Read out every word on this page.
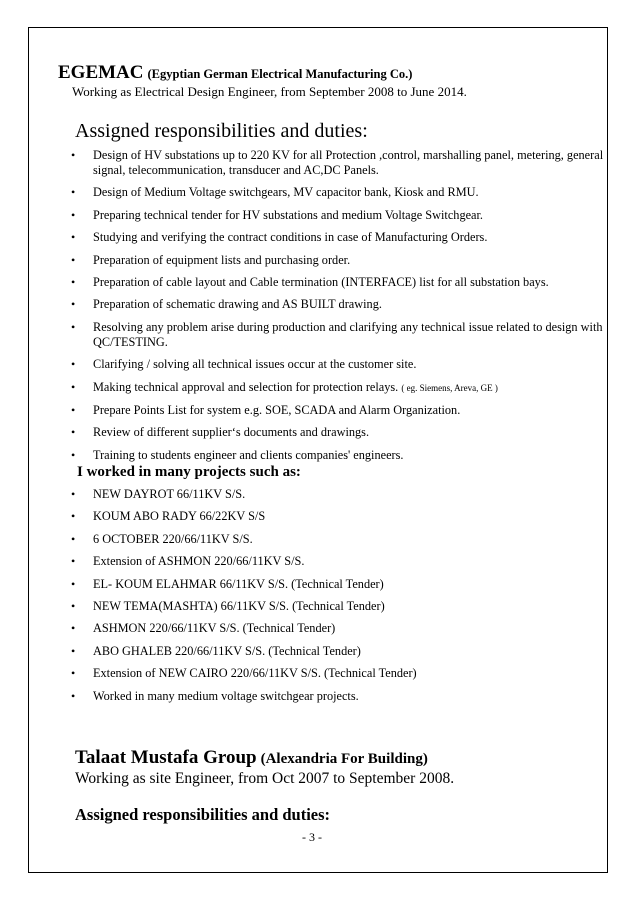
EGEMAC (Egyptian German Electrical Manufacturing Co.)
Working as Electrical Design Engineer, from September 2008 to June 2014.
Assigned responsibilities and duties:
• Design of HV substations up to 220 KV for all Protection ,control, marshalling panel, metering, general signal, telecommunication, transducer and AC,DC Panels.
• Design of Medium Voltage switchgears, MV capacitor bank, Kiosk and RMU.
• Preparing technical tender for HV substations and medium Voltage Switchgear.
• Studying and verifying the contract conditions in case of Manufacturing Orders.
• Preparation of equipment lists and purchasing order.
• Preparation of cable layout and Cable termination (INTERFACE) list for all substation bays.
• Preparation of schematic drawing and AS BUILT drawing.
• Resolving any problem arise during production and clarifying any technical issue related to design with QC/TESTING.
• Clarifying / solving all technical issues occur at the customer site.
• Making technical approval and selection for protection relays. ( eg. Siemens, Areva, GE )
• Prepare Points List for system e.g. SOE, SCADA and Alarm Organization.
• Review of different supplier‘s documents and drawings.
• Training to students engineer and clients companies' engineers.
I worked in many projects such as:
• NEW DAYROT 66/11KV S/S.
• KOUM ABO RADY 66/22KV S/S
• 6 OCTOBER 220/66/11KV S/S.
• Extension of ASHMON 220/66/11KV S/S.
• EL- KOUM ELAHMAR 66/11KV S/S. (Technical Tender)
• NEW TEMA(MASHTA) 66/11KV S/S. (Technical Tender)
• ASHMON 220/66/11KV S/S. (Technical Tender)
• ABO GHALEB 220/66/11KV S/S. (Technical Tender)
• Extension of NEW CAIRO 220/66/11KV S/S. (Technical Tender)
• Worked in many medium voltage switchgear projects.
Talaat Mustafa Group (Alexandria For Building)
Working as site Engineer, from Oct 2007 to September 2008.
Assigned responsibilities and duties:
- 3 -
